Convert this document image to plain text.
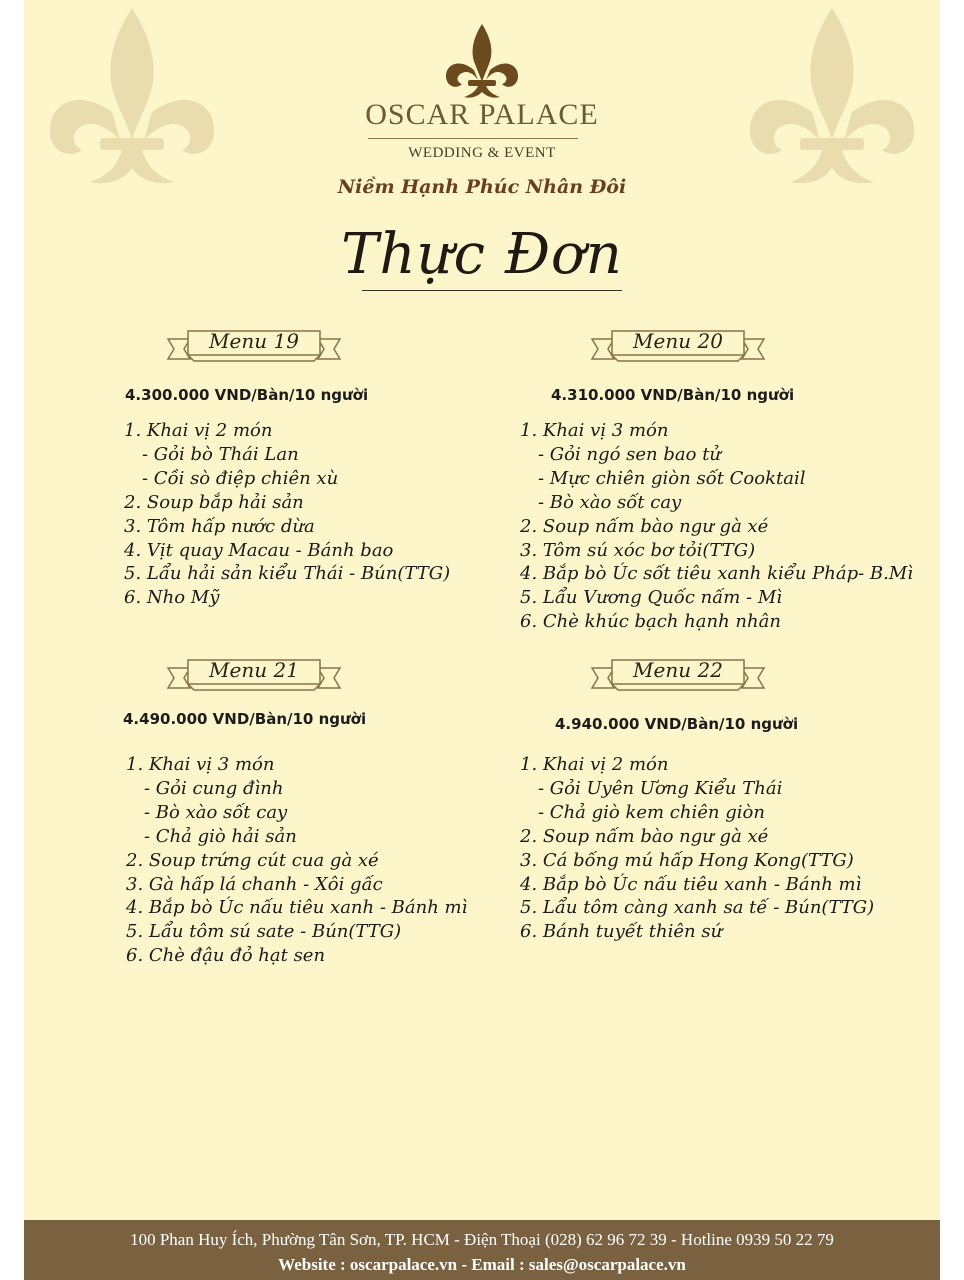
OSCAR PALACE
WEDDING & EVENT
Niềm Hạnh Phúc Nhân Đôi
Thực Đơn
Menu 19
4.300.000 VND/Bàn/10 người
1. Khai vị 2 món
- Gỏi bò Thái Lan
- Cồi sò điệp chiên xù
2. Soup bắp hải sản
3. Tôm hấp nước dừa
4. Vịt quay Macau - Bánh bao
5. Lẩu hải sản kiểu Thái - Bún(TTG)
6. Nho Mỹ
Menu 20
4.310.000 VND/Bàn/10 người
1. Khai vị 3 món
- Gỏi ngó sen bao tử
- Mực chiên giòn sốt Cooktail
- Bò xào sốt cay
2. Soup nấm bào ngư gà xé
3. Tôm sú xóc bơ tỏi(TTG)
4. Bắp bò Úc sốt tiêu xanh kiểu Pháp- B.Mì
5. Lẩu Vương Quốc nấm - Mì
6. Chè khúc bạch hạnh nhân
Menu 21
4.490.000 VND/Bàn/10 người
1. Khai vị 3 món
- Gỏi cung đình
- Bò xào sốt cay
- Chả giò hải sản
2. Soup trứng cút cua gà xé
3. Gà hấp lá chanh - Xôi gấc
4. Bắp bò Úc nấu tiêu xanh - Bánh mì
5. Lẩu tôm sú sate - Bún(TTG)
6. Chè đậu đỏ hạt sen
Menu 22
4.940.000 VND/Bàn/10 người
1. Khai vị 2 món
- Gỏi Uyên Ương Kiểu Thái
- Chả giò kem chiên giòn
2. Soup nấm bào ngư gà xé
3. Cá bống mú hấp Hong Kong(TTG)
4. Bắp bò Úc nấu tiêu xanh - Bánh mì
5. Lẩu tôm càng xanh sa tế - Bún(TTG)
6. Bánh tuyết thiên sứ
100 Phan Huy Ích, Phường Tân Sơn, TP. HCM - Điện Thoại (028) 62 96 72 39 - Hotline 0939 50 22 79
Website : oscarpalace.vn - Email : sales@oscarpalace.vn
